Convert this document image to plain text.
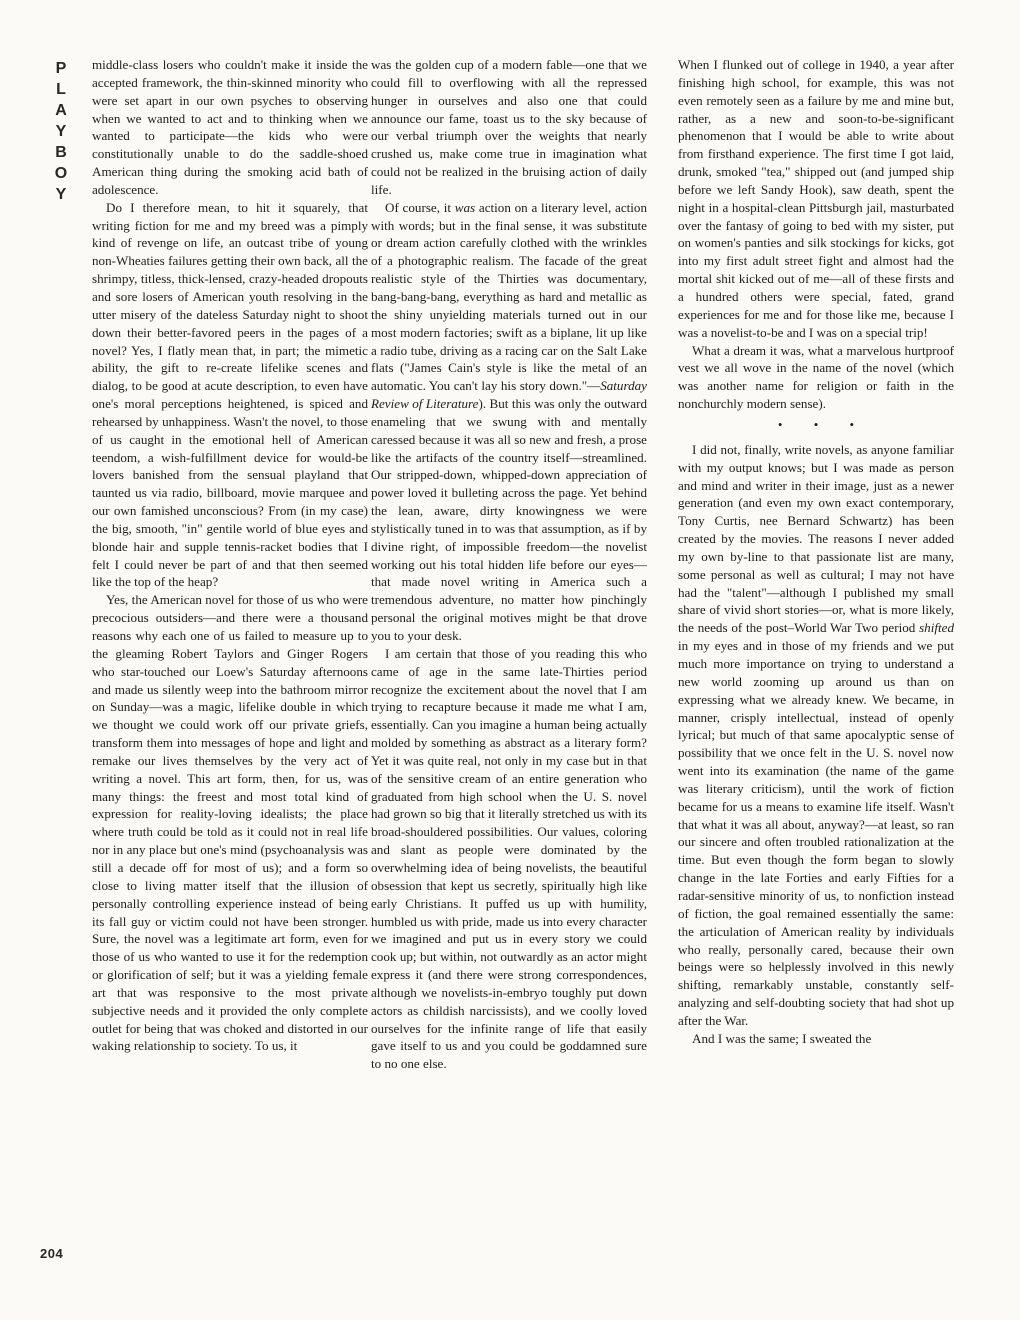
P
L
A
Y
B
O
Y
204

middle-class losers who couldn't make it inside the accepted framework, the thin-skinned minority who were set apart in our own psyches to observing when we wanted to act and to thinking when we wanted to participate—the kids who were constitutionally unable to do the saddle-shoed American thing during the smoking acid bath of adolescence.

Do I therefore mean, to hit it squarely, that writing fiction for me and my breed was a pimply kind of revenge on life, an outcast tribe of young non-Wheaties failures getting their own back, all the shrimpy, titless, thick-lensed, crazy-headed dropouts and sore losers of American youth resolving in the utter misery of the dateless Saturday night to shoot down their better-favored peers in the pages of a novel? Yes, I flatly mean that, in part; the mimetic ability, the gift to re-create lifelike scenes and dialog, to be good at acute description, to even have one's moral perceptions heightened, is spiced and rehearsed by unhappiness. Wasn't the novel, to those of us caught in the emotional hell of American teendom, a wish-fulfillment device for would-be lovers banished from the sensual playland that taunted us via radio, billboard, movie marquee and our own famished unconscious? From (in my case) the big, smooth, "in" gentile world of blue eyes and blonde hair and supple tennis-racket bodies that I felt I could never be part of and that then seemed like the top of the heap?

Yes, the American novel for those of us who were precocious outsiders—and there were a thousand reasons why each one of us failed to measure up to the gleaming Robert Taylors and Ginger Rogers who star-touched our Loew's Saturday afternoons and made us silently weep into the bathroom mirror on Sunday—was a magic, lifelike double in which we thought we could work off our private griefs, transform them into messages of hope and light and remake our lives themselves by the very act of writing a novel. This art form, then, for us, was many things: the freest and most total kind of expression for reality-loving idealists; the place where truth could be told as it could not in real life nor in any place but one's mind (psychoanalysis was still a decade off for most of us); and a form so close to living matter itself that the illusion of personally controlling experience instead of being its fall guy or victim could not have been stronger. Sure, the novel was a legitimate art form, even for those of us who wanted to use it for the redemption or glorification of self; but it was a yielding female art that was responsive to the most private subjective needs and it provided the only complete outlet for being that was choked and distorted in our waking relationship to society. To us, it

was the golden cup of a modern fable—one that we could fill to overflowing with all the repressed hunger in ourselves and also one that could announce our fame, toast us to the sky because of our verbal triumph over the weights that nearly crushed us, make come true in imagination what could not be realized in the bruising action of daily life.

Of course, it was action on a literary level, action with words; but in the final sense, it was substitute or dream action carefully clothed with the wrinkles of a photographic realism. The facade of the great realistic style of the Thirties was documentary, bang-bang-bang, everything as hard and metallic as the shiny unyielding materials turned out in our most modern factories; swift as a biplane, lit up like a radio tube, driving as a racing car on the Salt Lake flats ("James Cain's style is like the metal of an automatic. You can't lay his story down."—Saturday Review of Literature). But this was only the outward enameling that we swung with and mentally caressed because it was all so new and fresh, a prose like the artifacts of the country itself—streamlined. Our stripped-down, whipped-down appreciation of power loved it bulleting across the page. Yet behind the lean, aware, dirty knowingness we were stylistically tuned in to was that assumption, as if by divine right, of impossible freedom—the novelist working out his total hidden life before our eyes—that made novel writing in America such a tremendous adventure, no matter how pinchingly personal the original motives might be that drove you to your desk.

I am certain that those of you reading this who came of age in the same late-Thirties period recognize the excitement about the novel that I am trying to recapture because it made me what I am, essentially. Can you imagine a human being actually molded by something as abstract as a literary form? Yet it was quite real, not only in my case but in that of the sensitive cream of an entire generation who graduated from high school when the U. S. novel had grown so big that it literally stretched us with its broad-shouldered possibilities. Our values, coloring and slant as people were dominated by the overwhelming idea of being novelists, the beautiful obsession that kept us secretly, spiritually high like early Christians. It puffed us up with humility, humbled us with pride, made us into every character we imagined and put us in every story we could cook up; but within, not outwardly as an actor might express it (and there were strong correspondences, although we novelists-in-embryo toughly put down actors as childish narcissists), and we coolly loved ourselves for the infinite range of life that easily gave itself to us and you could be goddamned sure to no one else.

When I flunked out of college in 1940, a year after finishing high school, for example, this was not even remotely seen as a failure by me and mine but, rather, as a new and soon-to-be-significant phenomenon that I would be able to write about from firsthand experience. The first time I got laid, drunk, smoked "tea," shipped out (and jumped ship before we left Sandy Hook), saw death, spent the night in a hospital-clean Pittsburgh jail, masturbated over the fantasy of going to bed with my sister, put on women's panties and silk stockings for kicks, got into my first adult street fight and almost had the mortal shit kicked out of me—all of these firsts and a hundred others were special, fated, grand experiences for me and for those like me, because I was a novelist-to-be and I was on a special trip!

What a dream it was, what a marvelous hurtproof vest we all wove in the name of the novel (which was another name for religion or faith in the nonchurchly modern sense).

• • •

I did not, finally, write novels, as anyone familiar with my output knows; but I was made as person and mind and writer in their image, just as a newer generation (and even my own exact contemporary, Tony Curtis, nee Bernard Schwartz) has been created by the movies. The reasons I never added my own by-line to that passionate list are many, some personal as well as cultural; I may not have had the "talent"—although I published my small share of vivid short stories—or, what is more likely, the needs of the post–World War Two period shifted in my eyes and in those of my friends and we put much more importance on trying to understand a new world zooming up around us than on expressing what we already knew. We became, in manner, crisply intellectual, instead of openly lyrical; but much of that same apocalyptic sense of possibility that we once felt in the U. S. novel now went into its examination (the name of the game was literary criticism), until the work of fiction became for us a means to examine life itself. Wasn't that what it was all about, anyway?—at least, so ran our sincere and often troubled rationalization at the time. But even though the form began to slowly change in the late Forties and early Fifties for a radar-sensitive minority of us, to nonfiction instead of fiction, the goal remained essentially the same: the articulation of American reality by individuals who really, personally cared, because their own beings were so helplessly involved in this newly shifting, remarkably unstable, constantly self-analyzing and self-doubting society that had shot up after the War.

And I was the same; I sweated the
